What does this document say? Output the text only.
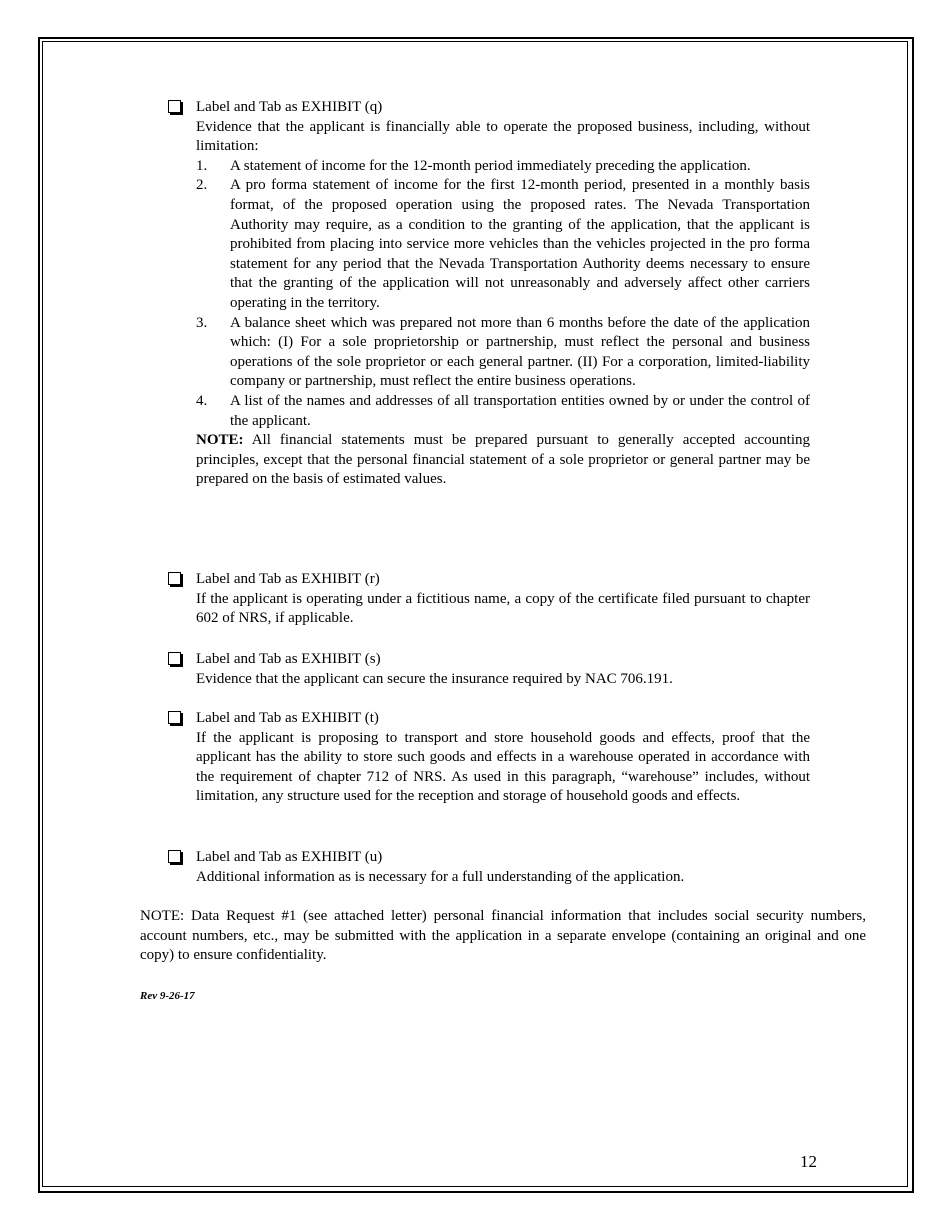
Label and Tab as EXHIBIT (q)

Evidence that the applicant is financially able to operate the proposed business, including, without limitation:

1. A statement of income for the 12-month period immediately preceding the application.
2. A pro forma statement of income for the first 12-month period, presented in a monthly basis format, of the proposed operation using the proposed rates. The Nevada Transportation Authority may require, as a condition to the granting of the application, that the applicant is prohibited from placing into service more vehicles than the vehicles projected in the pro forma statement for any period that the Nevada Transportation Authority deems necessary to ensure that the granting of the application will not unreasonably and adversely affect other carriers operating in the territory.
3. A balance sheet which was prepared not more than 6 months before the date of the application which: (I) For a sole proprietorship or partnership, must reflect the personal and business operations of the sole proprietor or each general partner. (II) For a corporation, limited-liability company or partnership, must reflect the entire business operations.
4. A list of the names and addresses of all transportation entities owned by or under the control of the applicant.

NOTE: All financial statements must be prepared pursuant to generally accepted accounting principles, except that the personal financial statement of a sole proprietor or general partner may be prepared on the basis of estimated values.

Label and Tab as EXHIBIT (r)

If the applicant is operating under a fictitious name, a copy of the certificate filed pursuant to chapter 602 of NRS, if applicable.

Label and Tab as EXHIBIT (s)

Evidence that the applicant can secure the insurance required by NAC 706.191.

Label and Tab as EXHIBIT (t)

If the applicant is proposing to transport and store household goods and effects, proof that the applicant has the ability to store such goods and effects in a warehouse operated in accordance with the requirement of chapter 712 of NRS. As used in this paragraph, “warehouse” includes, without limitation, any structure used for the reception and storage of household goods and effects.

Label and Tab as EXHIBIT (u)

Additional information as is necessary for a full understanding of the application.

NOTE: Data Request #1 (see attached letter) personal financial information that includes social security numbers, account numbers, etc., may be submitted with the application in a separate envelope (containing an original and one copy) to ensure confidentiality.
Rev 9-26-17
12
